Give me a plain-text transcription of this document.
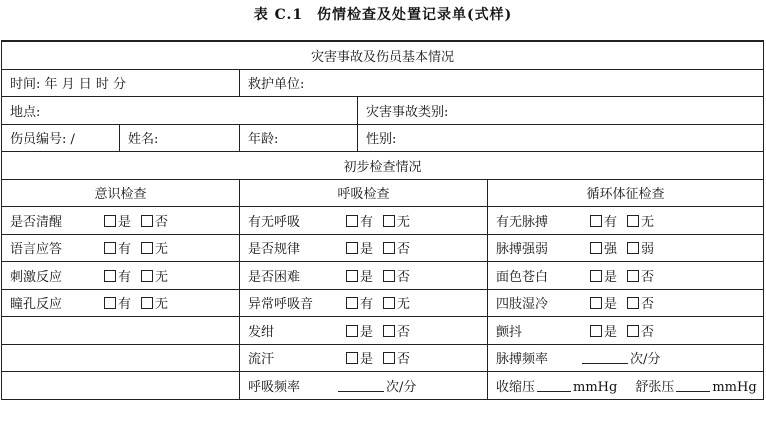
表 C.1 伤情检查及处置记录单(式样)
灾害事故及伤员基本情况				
时间: 年 月 日 时 分		救护单位:		
地点:			灾害事故类别:	
伤员编号: /	姓名:	年龄:	性别:	
初步检查情况				
意识检查		呼吸检查		循环体征检查
是否清醒 是 否		有无呼吸 有 无		有无脉搏 有 无
语言应答 有 无		是否规律 是 否		脉搏强弱 强 弱
刺激反应 有 无		是否困难 是 否		面色苍白 是 否
瞳孔反应 有 无		异常呼吸音 有 无		四肢湿冷 是 否
		发绀 是 否		颤抖 是 否
		流汗 是 否		脉搏频率 次/分
		呼吸频率 次/分		收缩压 mmHg 舒张压 mmHg
